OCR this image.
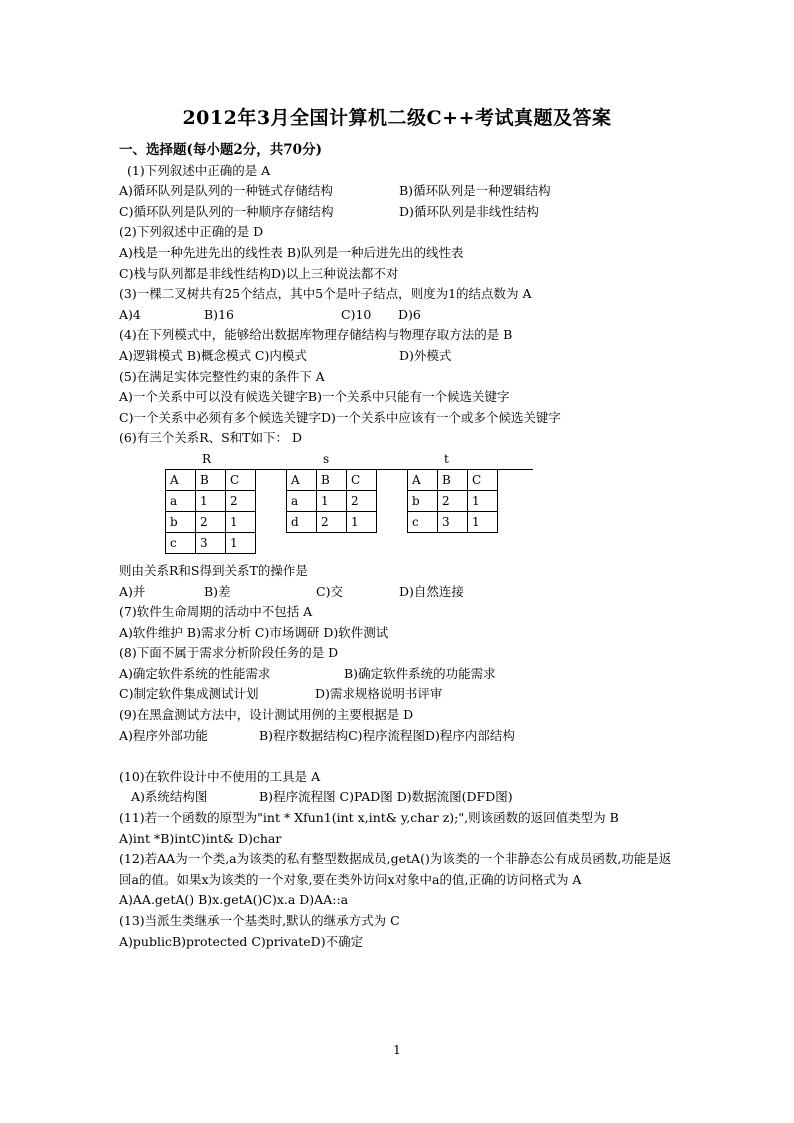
2012年3月全国计算机二级C++考试真题及答案
一、选择题(每小题2分，共70分)
(1)下列叙述中正确的是 A
A)循环队列是队列的一种链式存储结构	B)循环队列是一种逻辑结构
C)循环队列是队列的一种顺序存储结构	D)循环队列是非线性结构
(2)下列叙述中正确的是 D
A)栈是一种先进先出的线性表 B)队列是一种后进先出的线性表
C)栈与队列都是非线性结构D)以上三种说法都不对
(3)一棵二叉树共有25个结点，其中5个是叶子结点，则度为1的结点数为 A
A)4	B)16	C)10	D)6
(4)在下列模式中，能够给出数据库物理存储结构与物理存取方法的是 B
A)逻辑模式 B)概念模式 C)内模式	D)外模式
(5)在满足实体完整性约束的条件下 A
A)一个关系中可以没有候选关键字B)一个关系中只能有一个候选关键字
C)一个关系中必须有多个候选关键字D)一个关系中应该有一个或多个候选关键字
(6)有三个关系R、S和T如下： D
R	s	t
A	B	C
a	1	2
b	2	1
c	3	1
A	B	C
a	1	2
d	2	1
A	B	C
b	2	1
c	3	1
则由关系R和S得到关系T的操作是
A)并	B)差	C)交	D)自然连接
(7)软件生命周期的活动中不包括 A
A)软件维护 B)需求分析 C)市场调研 D)软件测试
(8)下面不属于需求分析阶段任务的是 D
A)确定软件系统的性能需求	B)确定软件系统的功能需求
C)制定软件集成测试计划	D)需求规格说明书评审
(9)在黑盒测试方法中，设计测试用例的主要根据是 D
A)程序外部功能	B)程序数据结构C)程序流程图D)程序内部结构
(10)在软件设计中不使用的工具是 A
A)系统结构图	B)程序流程图 C)PAD图 D)数据流图(DFD图)
(11)若一个函数的原型为"int * Xfun1(int x,int& y,char z);",则该函数的返回值类型为 B
A)int *B)intC)int& D)char
(12)若AA为一个类,a为该类的私有整型数据成员,getA()为该类的一个非静态公有成员函数,功能是返回a的值。如果x为该类的一个对象,要在类外访问x对象中a的值,正确的访问格式为 A
A)AA.getA() B)x.getA()C)x.a D)AA::a
(13)当派生类继承一个基类时,默认的继承方式为 C
A)publicB)protected C)privateD)不确定
1
